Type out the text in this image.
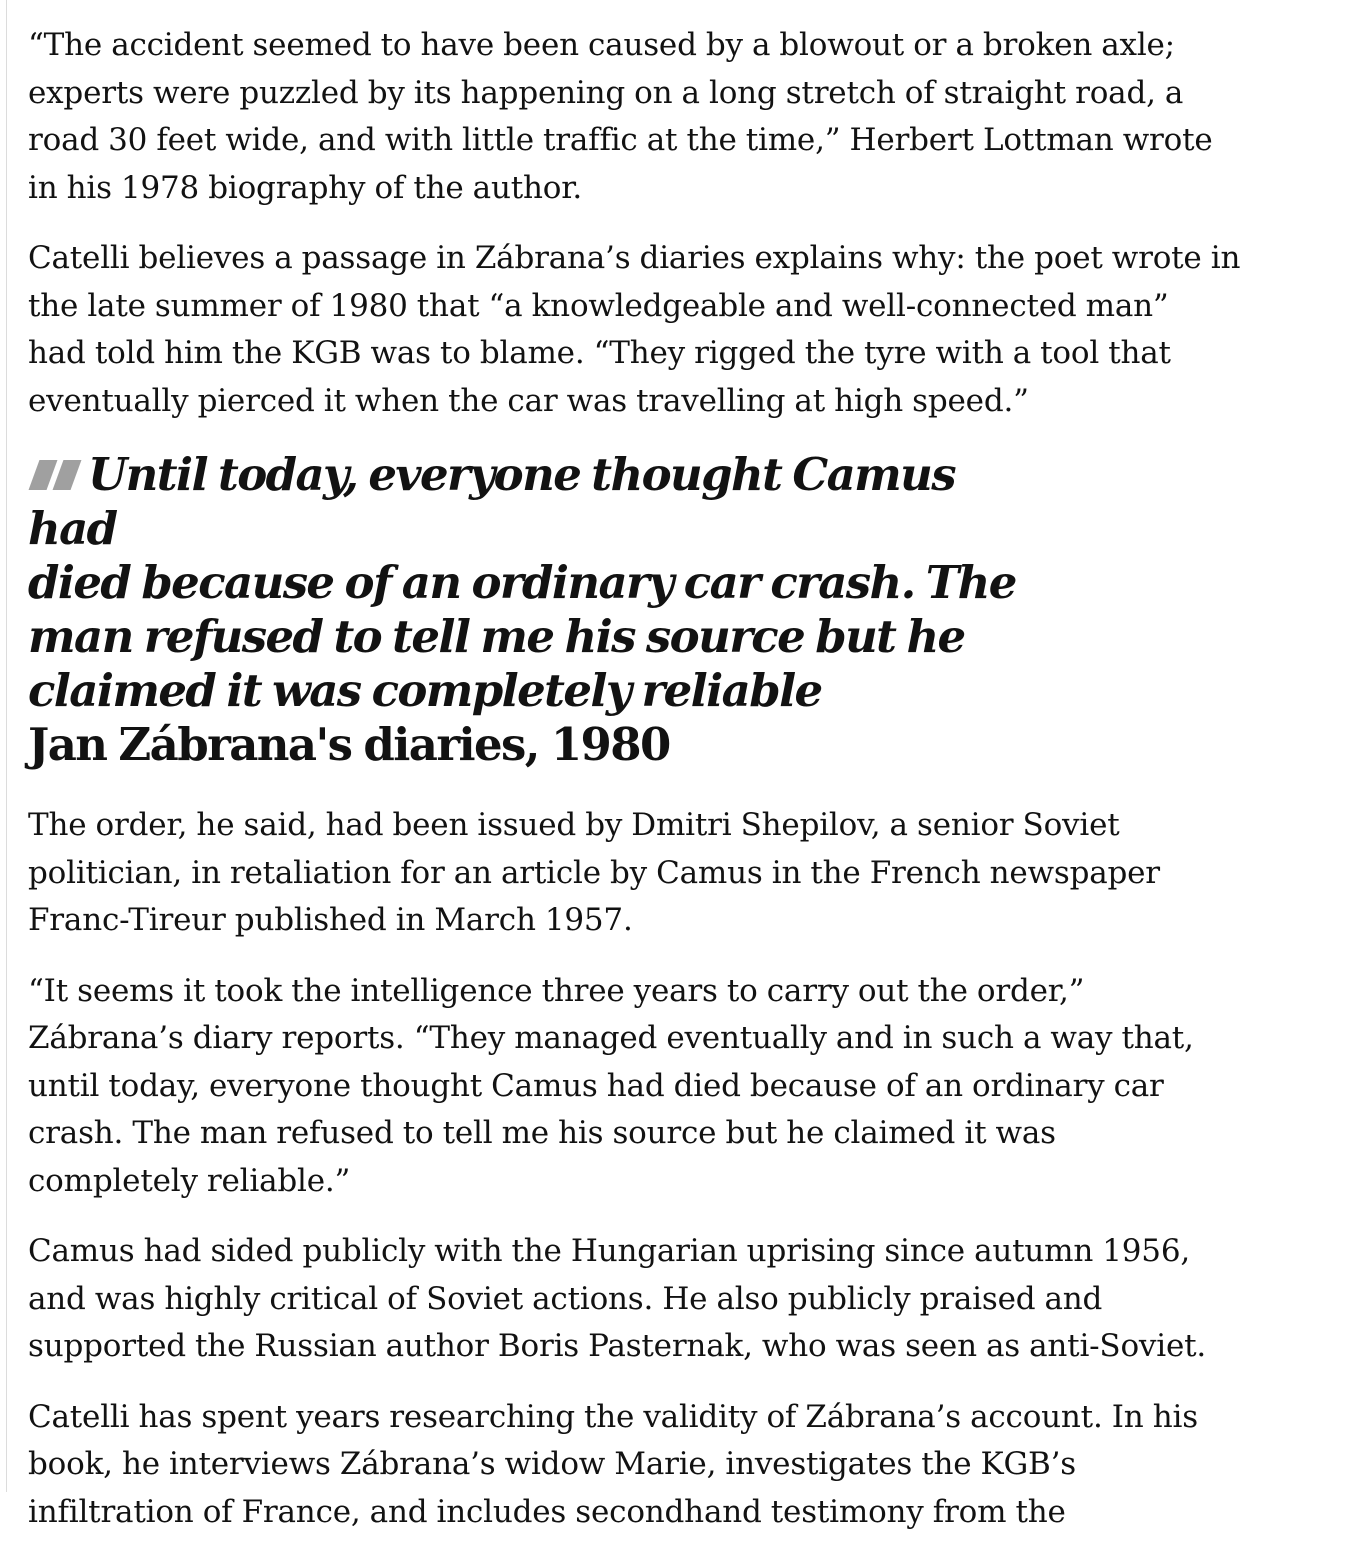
“The accident seemed to have been caused by a blowout or a broken axle;
experts were puzzled by its happening on a long stretch of straight road, a
road 30 feet wide, and with little traffic at the time,” Herbert Lottman wrote
in his 1978 biography of the author.

Catelli believes a passage in Zábrana’s diaries explains why: the poet wrote in
the late summer of 1980 that “a knowledgeable and well-connected man”
had told him the KGB was to blame. “They rigged the tyre with a tool that
eventually pierced it when the car was travelling at high speed.”

Until today, everyone thought Camus had
died because of an ordinary car crash. The
man refused to tell me his source but he
claimed it was completely reliable

Jan Zábrana's diaries, 1980

The order, he said, had been issued by Dmitri Shepilov, a senior Soviet
politician, in retaliation for an article by Camus in the French newspaper
Franc-Tireur published in March 1957.

“It seems it took the intelligence three years to carry out the order,”
Zábrana’s diary reports. “They managed eventually and in such a way that,
until today, everyone thought Camus had died because of an ordinary car
crash. The man refused to tell me his source but he claimed it was
completely reliable.”

Camus had sided publicly with the Hungarian uprising since autumn 1956,
and was highly critical of Soviet actions. He also publicly praised and
supported the Russian author Boris Pasternak, who was seen as anti-Soviet.

Catelli has spent years researching the validity of Zábrana’s account. In his
book, he interviews Zábrana’s widow Marie, investigates the KGB’s
infiltration of France, and includes secondhand testimony from the
